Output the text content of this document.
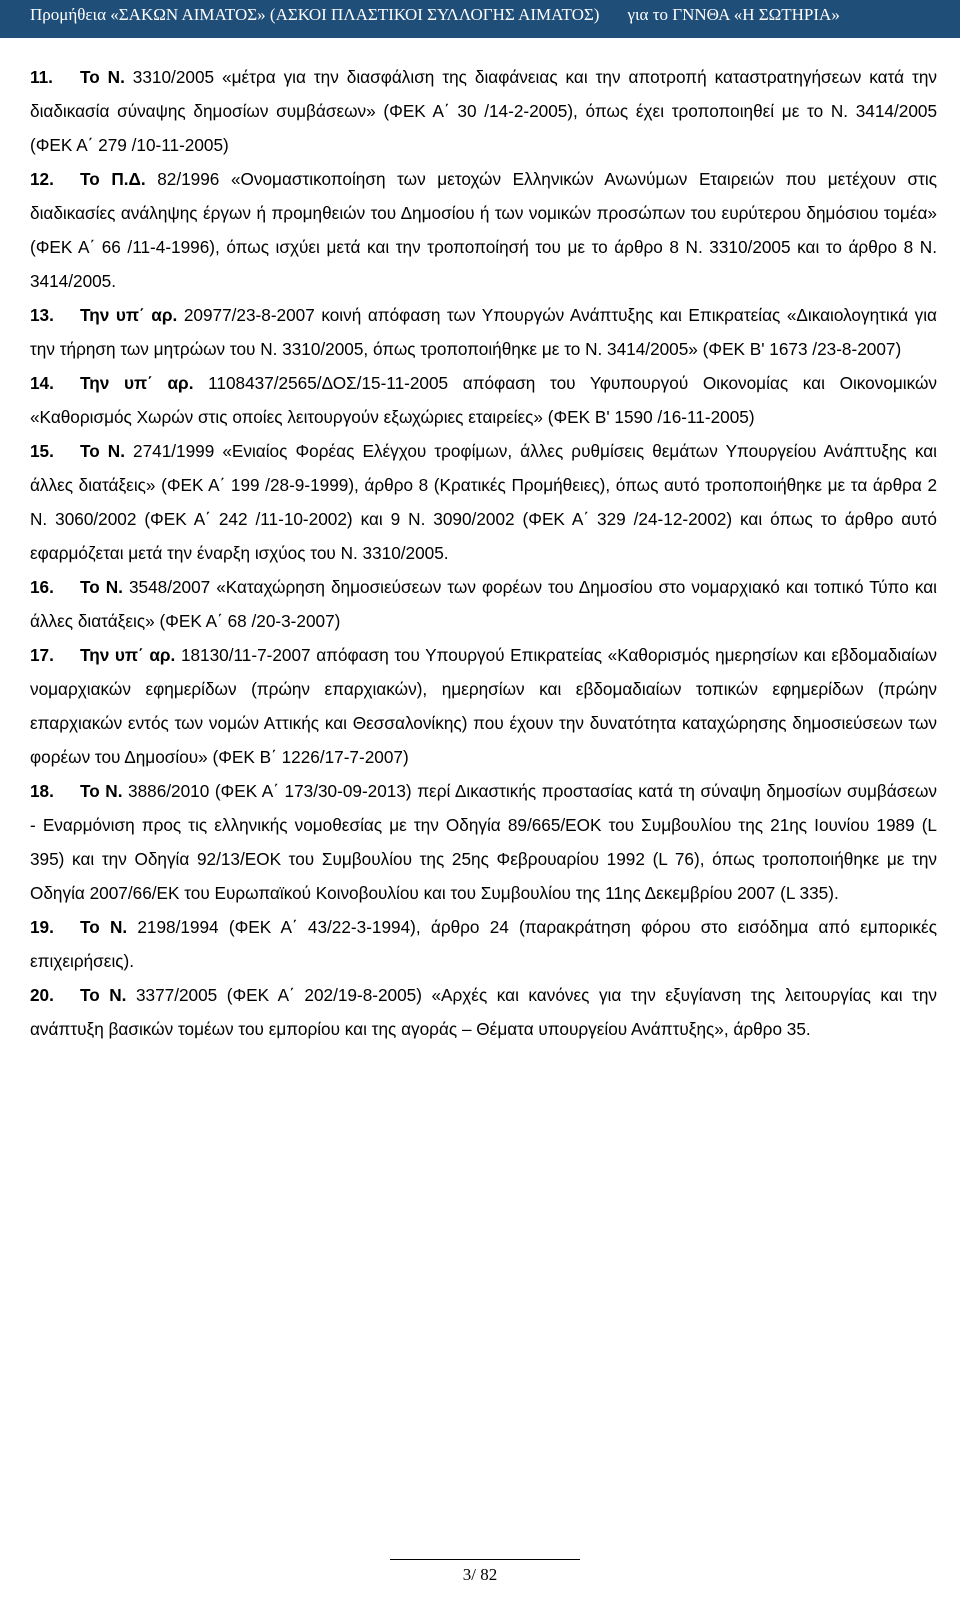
Προμήθεια «ΣΑΚΩΝ ΑΙΜΑΤΟΣ» (ΑΣΚΟΙ ΠΛΑΣΤΙΚΟΙ ΣΥΛΛΟΓΗΣ ΑΙΜΑΤΟΣ) για το ΓΝΝΘΑ «Η ΣΩΤΗΡΙΑ»

11. Το Ν. 3310/2005 «μέτρα για την διασφάλιση της διαφάνειας και την αποτροπή καταστρατηγήσεων κατά την διαδικασία σύναψης δημοσίων συμβάσεων» (ΦΕΚ Α΄ 30 /14-2-2005), όπως έχει τροποποιηθεί με το Ν. 3414/2005 (ΦΕΚ Α΄ 279 /10-11-2005)

12. Το Π.Δ. 82/1996 «Ονομαστικοποίηση των μετοχών Ελληνικών Ανωνύμων Εταιρειών που μετέχουν στις διαδικασίες ανάληψης έργων ή προμηθειών του Δημοσίου ή των νομικών προσώπων του ευρύτερου δημόσιου τομέα» (ΦΕΚ Α΄ 66 /11-4-1996), όπως ισχύει μετά και την τροποποίησή του με το άρθρο 8 Ν. 3310/2005 και το άρθρο 8 Ν. 3414/2005.

13. Την υπ΄ αρ. 20977/23-8-2007 κοινή απόφαση των Υπουργών Ανάπτυξης και Επικρατείας «Δικαιολογητικά για την τήρηση των μητρώων του Ν. 3310/2005, όπως τροποποιήθηκε με το Ν. 3414/2005» (ΦΕΚ Β' 1673 /23-8-2007)

14. Την υπ΄ αρ. 1108437/2565/ΔΟΣ/15-11-2005 απόφαση του Υφυπουργού Οικονομίας και Οικονομικών «Καθορισμός Χωρών στις οποίες λειτουργούν εξωχώριες εταιρείες» (ΦΕΚ Β' 1590 /16-11-2005)

15. Το Ν. 2741/1999 «Ενιαίος Φορέας Ελέγχου τροφίμων, άλλες ρυθμίσεις θεμάτων Υπουργείου Ανάπτυξης και άλλες διατάξεις» (ΦΕΚ Α΄ 199 /28-9-1999), άρθρο 8 (Κρατικές Προμήθειες), όπως αυτό τροποποιήθηκε με τα άρθρα 2 Ν. 3060/2002 (ΦΕΚ Α΄ 242 /11-10-2002) και 9 Ν. 3090/2002 (ΦΕΚ Α΄ 329 /24-12-2002) και όπως το άρθρο αυτό εφαρμόζεται μετά την έναρξη ισχύος του Ν. 3310/2005.

16. Το Ν. 3548/2007 «Καταχώρηση δημοσιεύσεων των φορέων του Δημοσίου στο νομαρχιακό και τοπικό Τύπο και άλλες διατάξεις» (ΦΕΚ Α΄ 68 /20-3-2007)

17. Την υπ΄ αρ. 18130/11-7-2007 απόφαση του Υπουργού Επικρατείας «Καθορισμός ημερησίων και εβδομαδιαίων νομαρχιακών εφημερίδων (πρώην επαρχιακών), ημερησίων και εβδομαδιαίων τοπικών εφημερίδων (πρώην επαρχιακών εντός των νομών Αττικής και Θεσσαλονίκης) που έχουν την δυνατότητα καταχώρησης δημοσιεύσεων των φορέων του Δημοσίου» (ΦΕΚ Β΄ 1226/17-7-2007)

18. Το Ν. 3886/2010 (ΦΕΚ Α΄ 173/30-09-2013) περί Δικαστικής προστασίας κατά τη σύναψη δημοσίων συμβάσεων - Εναρμόνιση προς τις ελληνικής νομοθεσίας με την Οδηγία 89/665/ΕΟΚ του Συμβουλίου της 21ης Ιουνίου 1989 (L 395) και την Οδηγία 92/13/ΕΟΚ του Συμβουλίου της 25ης Φεβρουαρίου 1992 (L 76), όπως τροποποιήθηκε με την Οδηγία 2007/66/ΕΚ του Ευρωπαϊκού Κοινοβουλίου και του Συμβουλίου της 11ης Δεκεμβρίου 2007 (L 335).

19. Το Ν. 2198/1994 (ΦΕΚ Α΄ 43/22-3-1994), άρθρο 24 (παρακράτηση φόρου στο εισόδημα από εμπορικές επιχειρήσεις).

20. Το Ν. 3377/2005 (ΦΕΚ Α΄ 202/19-8-2005) «Αρχές και κανόνες για την εξυγίανση της λειτουργίας και την ανάπτυξη βασικών τομέων του εμπορίου και της αγοράς – Θέματα υπουργείου Ανάπτυξης», άρθρο 35.

3/ 82
